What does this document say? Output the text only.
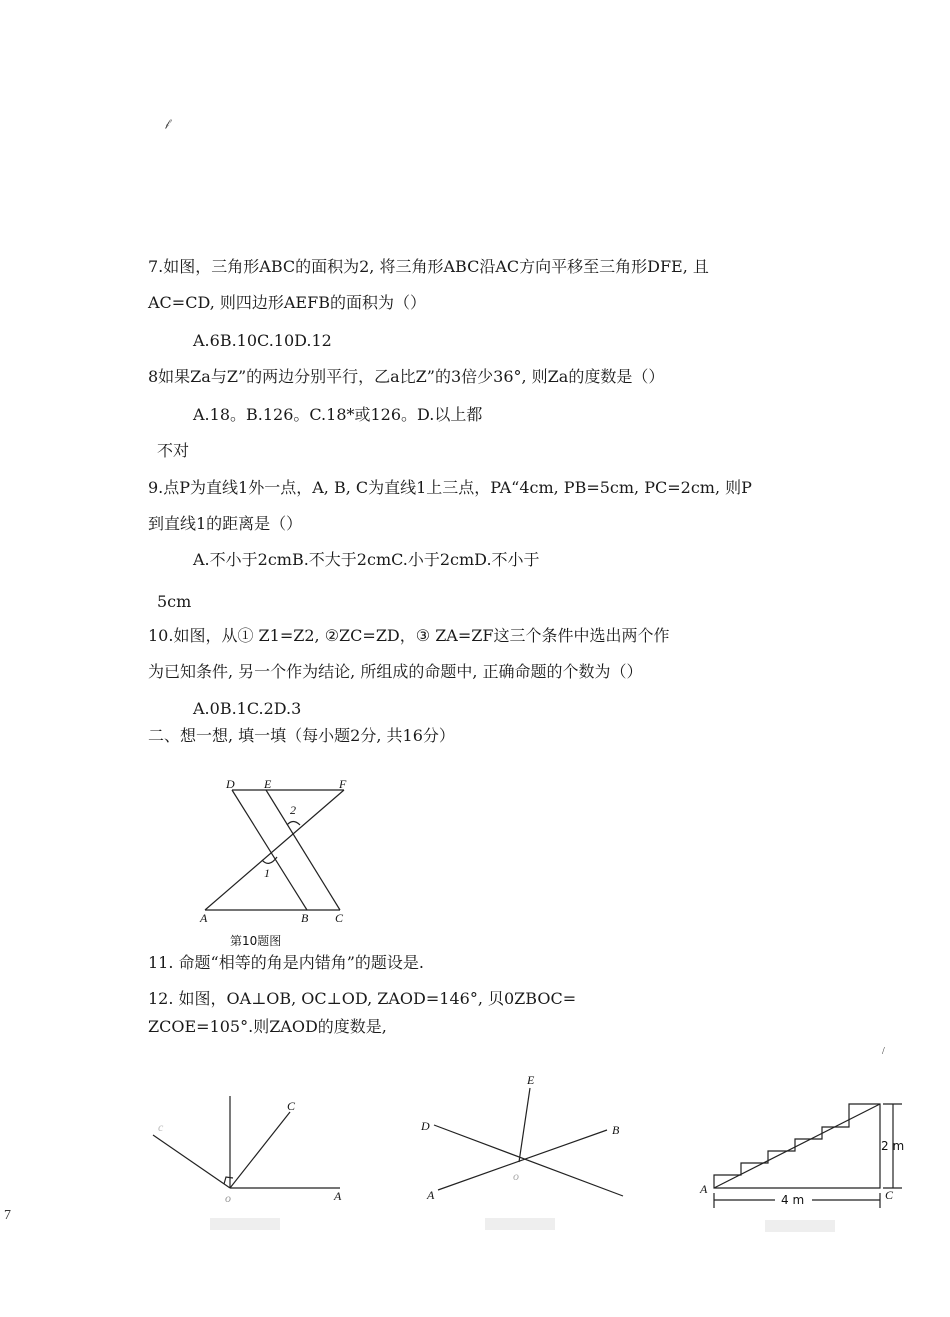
𝒻
7.如图，三角形ABC的面积为2, 将三角形ABC沿AC方向平移至三角形DFE, 且
AC=CD, 则四边形AEFB的面积为（）
A.6B.10C.10D.12
8如果Za与Z”的两边分别平行，乙a比Z”的3倍少36°, 则Za的度数是（）
A.18。B.126。C.18*或126。D.以上都
不对
9.点P为直线1外一点，A, B, C为直线1上三点，PA“4cm, PB=5cm, PC=2cm, 则P
到直线1的距离是（）
A.不小于2cmB.不大于2cmC.小于2cmD.不小于
5cm
10.如图，从① Z1=Z2, ②ZC=ZD，③ ZA=ZF这三个条件中选出两个作
为已知条件, 另一个作为结论, 所组成的命题中, 正确命题的个数为（）
A.0B.1C.2D.3
二、想一想, 填一填（每小题2分, 共16分）
D E	F
A	B C
1
2
第10题图
11. 命题“相等的角是内错角”的题设是.
12. 如图，OA⊥OB, OC⊥OD, ZAOD=146°, 贝0ZBOC=
ZCOE=105°.则ZAOD的度数是,
/
7
C
o	A
c
E
D	B
A
o
A	C
2 m
4 m
